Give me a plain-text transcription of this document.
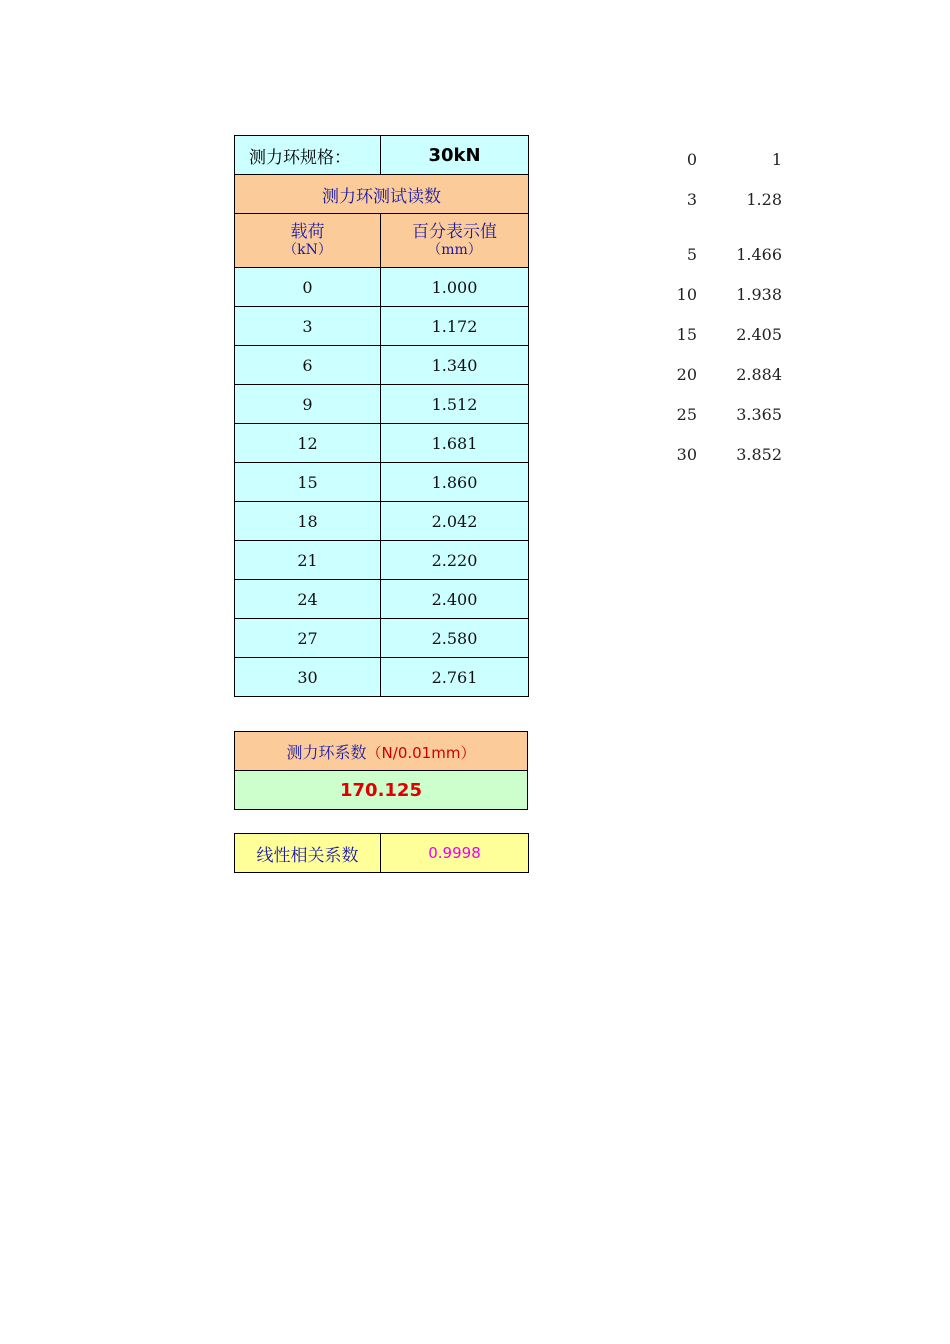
测力环规格：	30kN
测力环测试读数	
载荷
（kN）	百分表示值
（mm）

0	1.000
3	1.172
6	1.340
9	1.512
12	1.681
15	1.860
18	2.042
21	2.220
24	2.400
27	2.580
30	2.761
测力环系数（N/0.01mm）
170.125
线性相关系数	0.9998
0	1
3	1.28
5 1.466
10 1.938
15 2.405
20 2.884
25 3.365
30 3.852
